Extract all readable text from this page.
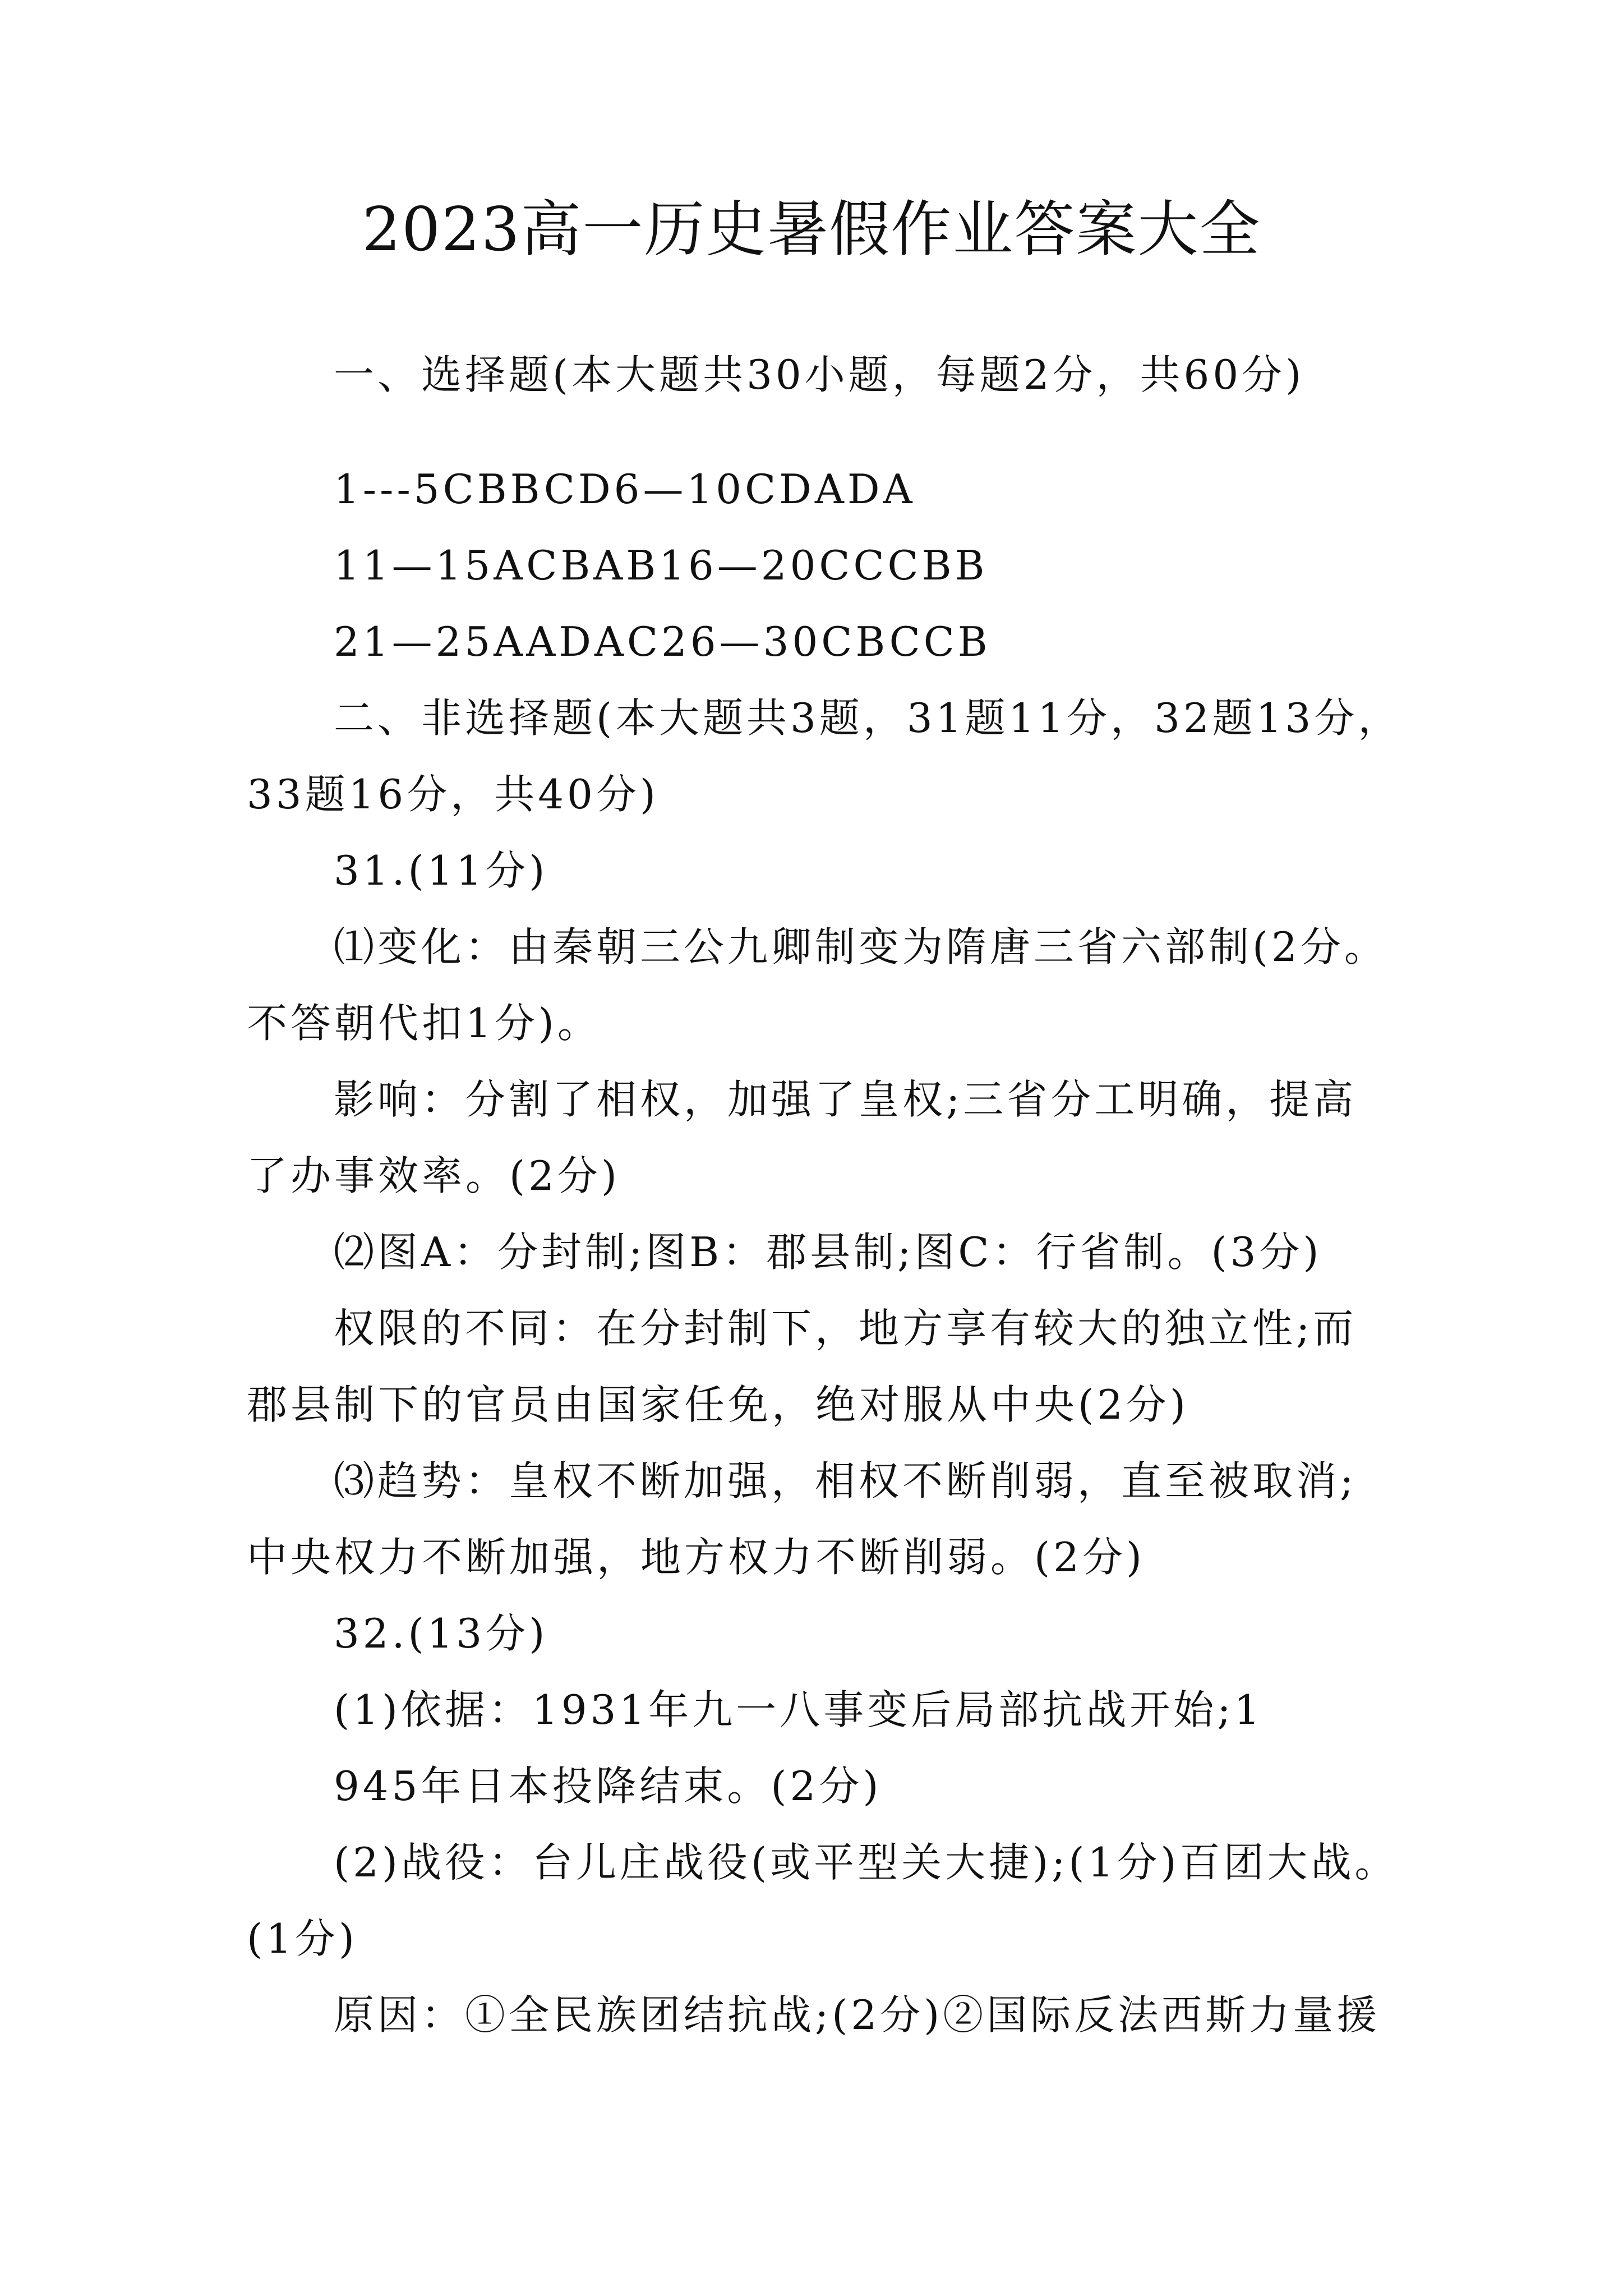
2023高一历史暑假作业答案大全
一、选择题(本大题共30小题，每题2分，共60分)
1---5CBBCD6—10CDADA
11—15ACBAB16—20CCCBB
21—25AADAC26—30CBCCB
二、非选择题(本大题共3题，31题11分，32题13分，
33题16分，共40分)
31.(11分)
⑴变化：由秦朝三公九卿制变为隋唐三省六部制(2分。
不答朝代扣1分)。
影响：分割了相权，加强了皇权;三省分工明确，提高
了办事效率。(2分)
⑵图A：分封制;图B：郡县制;图C：行省制。(3分)
权限的不同：在分封制下，地方享有较大的独立性;而
郡县制下的官员由国家任免，绝对服从中央(2分)
⑶趋势：皇权不断加强，相权不断削弱，直至被取消;
中央权力不断加强，地方权力不断削弱。(2分)
32.(13分)
(1)依据：1931年九一八事变后局部抗战开始;1
945年日本投降结束。(2分)
(2)战役：台儿庄战役(或平型关大捷);(1分)百团大战。
(1分)
原因：①全民族团结抗战;(2分)②国际反法西斯力量援
